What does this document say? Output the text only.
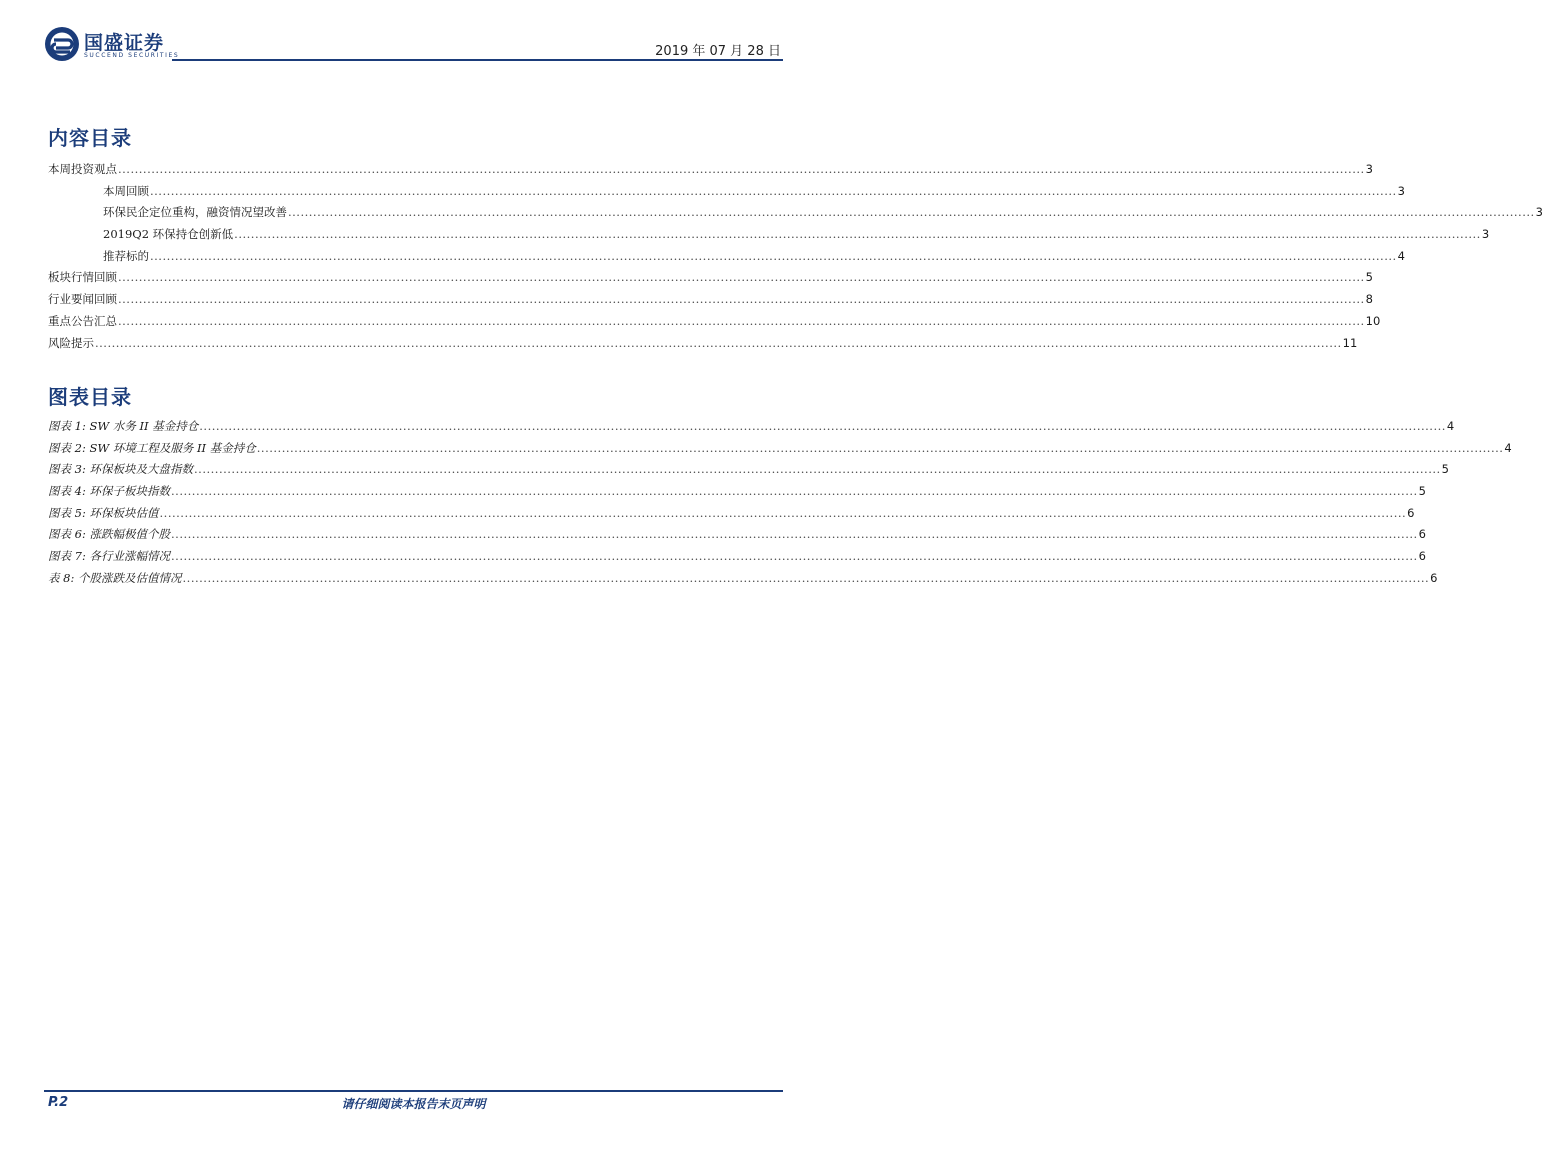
国盛证券
SUCCEND SECURITIES	2019 年 07 月 28 日
内容目录
本周投资观点 ............................................................................................................................................................................................................................................................................................................ 3
本周回顾 ............................................................................................................................................................................................................................................................................................................ 3
环保民企定位重构，融资情况望改善 ............................................................................................................................................................................................................................................................................................................ 3
2019Q2 环保持仓创新低 ............................................................................................................................................................................................................................................................................................................ 3
推荐标的 ............................................................................................................................................................................................................................................................................................................ 4
板块行情回顾 ............................................................................................................................................................................................................................................................................................................ 5
行业要闻回顾 ............................................................................................................................................................................................................................................................................................................ 8
重点公告汇总 ............................................................................................................................................................................................................................................................................................................ 10
风险提示 ............................................................................................................................................................................................................................................................................................................ 11
图表目录
图表 1: SW 水务 II 基金持仓 ............................................................................................................................................................................................................................................................................................................ 4
图表 2: SW 环境工程及服务 II 基金持仓 ............................................................................................................................................................................................................................................................................................................ 4
图表 3: 环保板块及大盘指数 ............................................................................................................................................................................................................................................................................................................ 5
图表 4: 环保子板块指数 ............................................................................................................................................................................................................................................................................................................ 5
图表 5: 环保板块估值 ............................................................................................................................................................................................................................................................................................................ 6
图表 6: 涨跌幅极值个股 ............................................................................................................................................................................................................................................................................................................ 6
图表 7: 各行业涨幅情况 ............................................................................................................................................................................................................................................................................................................ 6
表 8: 个股涨跌及估值情况 ............................................................................................................................................................................................................................................................................................................ 6
P.2	请仔细阅读本报告末页声明
